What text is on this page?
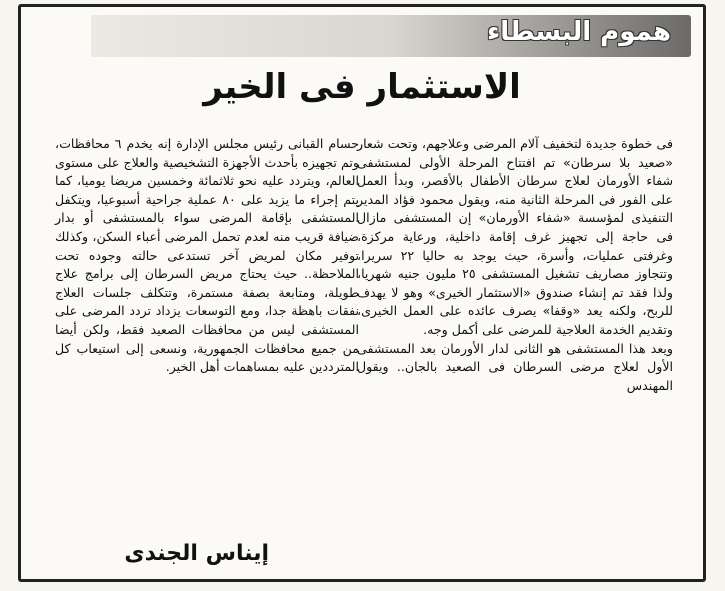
هموم البسطاء
الاستثمار فى الخير
فى خطوة جديدة لتخفيف آلام المرضى وعلاجهم، وتحت شعار «صعيد بلا سرطان» تم افتتاح المرحلة الأولى لمستشفى شفاء الأورمان لعلاج سرطان الأطفال بالأقصر، وبدأ العمل على الفور فى المرحلة الثانية منه، ويقول محمود فؤاد المدير التنفيذى لمؤسسة «شفاء الأورمان» إن المستشفى مازال فى حاجة إلى تجهيز غرف إقامة داخلية، ورعاية مركزة، وغرفتى عمليات، وأسرة، حيث يوجد به حاليا ٢٢ سريرا، وتتجاوز مصاريف تشغيل المستشفى ٢٥ مليون جنيه شهريا، ولذا فقد تم إنشاء صندوق «الاستثمار الخيرى» وهو لا يهدف للربح، ولكنه يعد «وقفا» يصرف عائده على العمل الخيرى، وتقديم الخدمة العلاجية للمرضى على أكمل وجه.
ويعد هذا المستشفى هو الثانى لدار الأورمان بعد المستشفى الأول لعلاج مرضى السرطان فى الصعيد بالجان.. ويقول المهندس
حسام القبانى رئيس مجلس الإدارة إنه يخدم ٦ محافظات، وتم تجهيزه بأحدث الأجهزة التشخيصية والعلاج على مستوى العالم، ويتردد عليه نحو ثلاثمائة وخمسين مريضا يوميا، كما يتم إجراء ما يزيد على ٨٠ عملية جراحية أسبوعيا، ويتكفل المستشفى بإقامة المرضى سواء بالمستشفى أو بدار ضيافة قريب منه لعدم تحمل المرضى أعباء السكن، وكذلك توفير مكان لمريض آخر تستدعى حالته وجوده تحت الملاحظة.. حيث يحتاج مريض السرطان إلى برامج علاج طويلة، ومتابعة بصفة مستمرة، وتتكلف جلسات العلاج نفقات باهظة جدا، ومع التوسعات يزداد تردد المرضى على المستشفى ليس من محافظات الصعيد فقط، ولكن أيضا من جميع محافظات الجمهورية، ونسعى إلى استيعاب كل المترددين عليه بمساهمات أهل الخير.
إيناس الجندى
